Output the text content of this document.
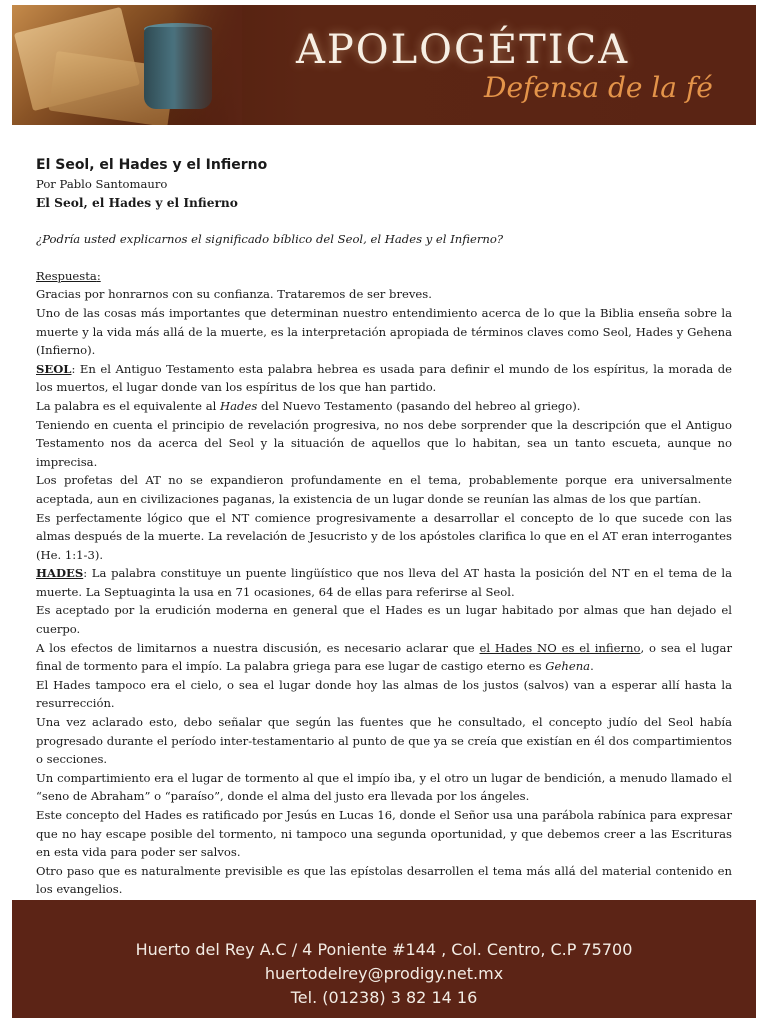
APOLOGÉTICA

Defensa de la fé

El Seol, el Hades y el Infierno

Por Pablo Santomauro

El Seol, el Hades y el Infierno

¿Podría usted explicarnos el significado bíblico del Seol, el Hades y el Infierno?

Respuesta:

Gracias por honrarnos con su confianza. Trataremos de ser breves.

Uno de las cosas más importantes que determinan nuestro entendimiento acerca de lo que la Biblia enseña sobre la muerte y la vida más allá de la muerte, es la interpretación apropiada de términos claves como Seol, Hades y Gehena (Infierno).

SEOL: En el Antiguo Testamento esta palabra hebrea es usada para definir el mundo de los espíritus, la morada de los muertos, el lugar donde van los espíritus de los que han partido.

La palabra es el equivalente al Hades del Nuevo Testamento (pasando del hebreo al griego).

Teniendo en cuenta el principio de revelación progresiva, no nos debe sorprender que la descripción que el Antiguo Testamento nos da acerca del Seol y la situación de aquellos que lo habitan, sea un tanto escueta, aunque no imprecisa.

Los profetas del AT no se expandieron profundamente en el tema, probablemente porque era universalmente aceptada, aun en civilizaciones paganas, la existencia de un lugar donde se reunían las almas de los que partían.

Es perfectamente lógico que el NT comience progresivamente a desarrollar el concepto de lo que sucede con las almas después de la muerte. La revelación de Jesucristo y de los apóstoles clarifica lo que en el AT eran interrogantes (He. 1:1-3).

HADES: La palabra constituye un puente lingüístico que nos lleva del AT hasta la posición del NT en el tema de la muerte. La Septuaginta la usa en 71 ocasiones, 64 de ellas para referirse al Seol.

Es aceptado por la erudición moderna en general que el Hades es un lugar habitado por almas que han dejado el cuerpo.

A los efectos de limitarnos a nuestra discusión, es necesario aclarar que el Hades NO es el infierno, o sea el lugar final de tormento para el impío. La palabra griega para ese lugar de castigo eterno es Gehena.

El Hades tampoco era el cielo, o sea el lugar donde hoy las almas de los justos (salvos) van a esperar allí hasta la resurrección.

Una vez aclarado esto, debo señalar que según las fuentes que he consultado, el concepto judío del Seol había progresado durante el período inter-testamentario al punto de que ya se creía que existían en él dos compartimientos o secciones.

Un compartimiento era el lugar de tormento al que el impío iba, y el otro un lugar de bendición, a menudo llamado el “seno de Abraham” o “paraíso”, donde el alma del justo era llevada por los ángeles.

Este concepto del Hades es ratificado por Jesús en Lucas 16, donde el Señor usa una parábola rabínica para expresar que no hay escape posible del tormento, ni tampoco una segunda oportunidad, y que debemos creer a las Escrituras en esta vida para poder ser salvos.

Otro paso que es naturalmente previsible es que las epístolas desarrollen el tema más allá del material contenido en los evangelios.

Huerto del Rey A.C / 4 Poniente #144 , Col. Centro, C.P 75700
huertodelrey@prodigy.net.mx
Tel. (01238) 3 82 14 16
